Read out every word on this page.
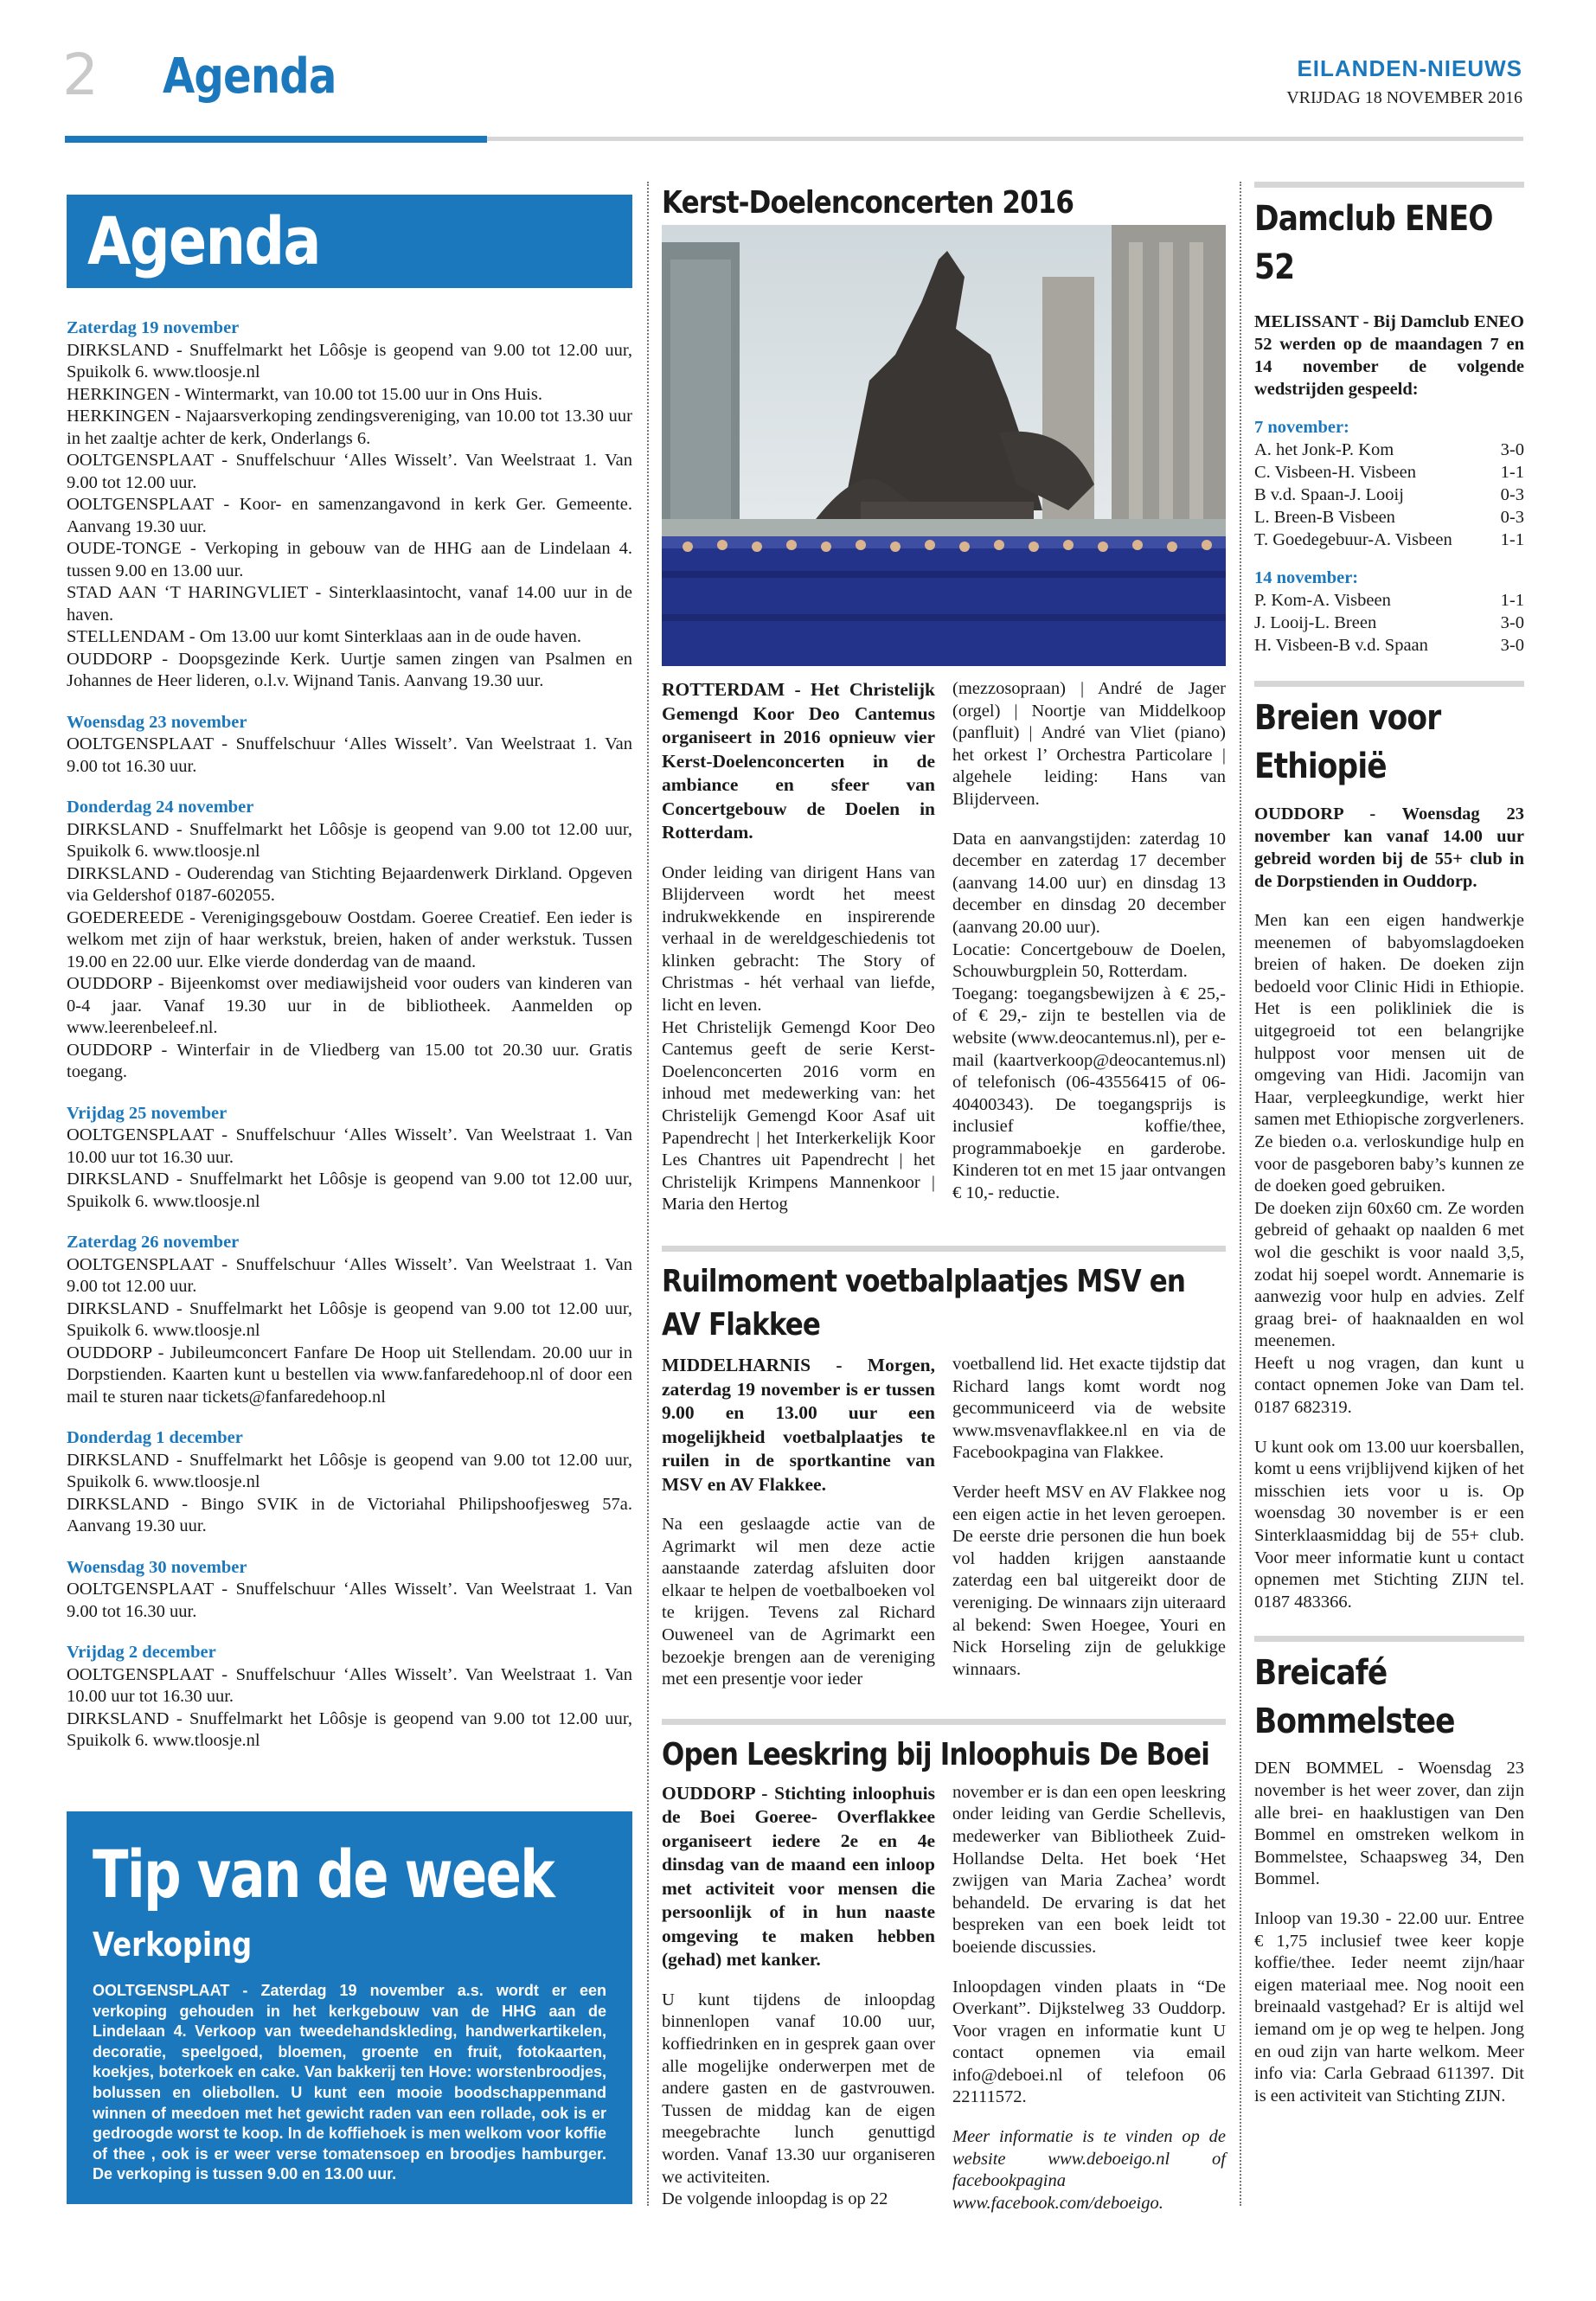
2 Agenda	EILANDEN-NIEUWS
VRIJDAG 18 NOVEMBER 2016
Agenda
Zaterdag 19 november
DIRKSLAND - Snuffelmarkt het Lôôsje is geopend van 9.00 tot 12.00 uur, Spuikolk 6. www.tloosje.nl
HERKINGEN - Wintermarkt, van 10.00 tot 15.00 uur in Ons Huis.
HERKINGEN - Najaarsverkoping zendingsvereniging, van 10.00 tot 13.30 uur in het zaaltje achter de kerk, Onderlangs 6.
OOLTGENSPLAAT - Snuffelschuur ‘Alles Wisselt’. Van Weelstraat 1. Van 9.00 tot 12.00 uur.
OOLTGENSPLAAT - Koor- en samenzangavond in kerk Ger. Gemeente. Aanvang 19.30 uur.
OUDE-TONGE - Verkoping in gebouw van de HHG aan de Lindelaan 4. tussen 9.00 en 13.00 uur.
STAD AAN ‘T HARINGVLIET - Sinterklaasintocht, vanaf 14.00 uur in de haven.
STELLENDAM - Om 13.00 uur komt Sinterklaas aan in de oude haven.
OUDDORP - Doopsgezinde Kerk. Uurtje samen zingen van Psalmen en Johannes de Heer lideren, o.l.v. Wijnand Tanis. Aanvang 19.30 uur.
Woensdag 23 november
OOLTGENSPLAAT - Snuffelschuur ‘Alles Wisselt’. Van Weelstraat 1. Van 9.00 tot 16.30 uur.
Donderdag 24 november
DIRKSLAND - Snuffelmarkt het Lôôsje is geopend van 9.00 tot 12.00 uur, Spuikolk 6. www.tloosje.nl
DIRKSLAND - Ouderendag van Stichting Bejaardenwerk Dirkland. Opgeven via Geldershof 0187-602055.
GOEDEREEDE - Verenigingsgebouw Oostdam. Goeree Creatief. Een ieder is welkom met zijn of haar werkstuk, breien, haken of ander werkstuk. Tussen 19.00 en 22.00 uur. Elke vierde donderdag van de maand.
OUDDORP - Bijeenkomst over mediawijsheid voor ouders van kinderen van 0-4 jaar. Vanaf 19.30 uur in de bibliotheek. Aanmelden op www.leerenbeleef.nl.
OUDDORP - Winterfair in de Vliedberg van 15.00 tot 20.30 uur. Gratis toegang.
Vrijdag 25 november
OOLTGENSPLAAT - Snuffelschuur ‘Alles Wisselt’. Van Weelstraat 1. Van 10.00 uur tot 16.30 uur.
DIRKSLAND - Snuffelmarkt het Lôôsje is geopend van 9.00 tot 12.00 uur, Spuikolk 6. www.tloosje.nl
Zaterdag 26 november
OOLTGENSPLAAT - Snuffelschuur ‘Alles Wisselt’. Van Weelstraat 1. Van 9.00 tot 12.00 uur.
DIRKSLAND - Snuffelmarkt het Lôôsje is geopend van 9.00 tot 12.00 uur, Spuikolk 6. www.tloosje.nl
OUDDORP - Jubileumconcert Fanfare De Hoop uit Stellendam. 20.00 uur in Dorpstienden. Kaarten kunt u bestellen via www.fanfaredehoop.nl of door een mail te sturen naar tickets@fanfaredehoop.nl
Donderdag 1 december
DIRKSLAND - Snuffelmarkt het Lôôsje is geopend van 9.00 tot 12.00 uur, Spuikolk 6. www.tloosje.nl
DIRKSLAND - Bingo SVIK in de Victoriahal Philipshoofjesweg 57a. Aanvang 19.30 uur.
Woensdag 30 november
OOLTGENSPLAAT - Snuffelschuur ‘Alles Wisselt’. Van Weelstraat 1. Van 9.00 tot 16.30 uur.
Vrijdag 2 december
OOLTGENSPLAAT - Snuffelschuur ‘Alles Wisselt’. Van Weelstraat 1. Van 10.00 uur tot 16.30 uur.
DIRKSLAND - Snuffelmarkt het Lôôsje is geopend van 9.00 tot 12.00 uur, Spuikolk 6. www.tloosje.nl
Tip van de week
Verkoping
OOLTGENSPLAAT - Zaterdag 19 november a.s. wordt er een verkoping gehouden in het kerkgebouw van de HHG aan de Lindelaan 4. Verkoop van tweedehandskleding, handwerkartikelen, decoratie, speelgoed, bloemen, groente en fruit, fotokaarten, koekjes, boterkoek en cake. Van bakkerij ten Hove: worstenbroodjes, bolussen en oliebollen. U kunt een mooie boodschappenmand winnen of meedoen met het gewicht raden van een rollade, ook is er gedroogde worst te koop. In de koffiehoek is men welkom voor koffie of thee , ook is er weer verse tomatensoep en broodjes hamburger. De verkoping is tussen 9.00 en 13.00 uur.
Kerst-Doelenconcerten 2016
ROTTERDAM - Het Christelijk Gemengd Koor Deo Cantemus organiseert in 2016 opnieuw vier Kerst-Doelenconcerten in de ambiance en sfeer van Concertgebouw de Doelen in Rotterdam.
Onder leiding van dirigent Hans van Blijderveen wordt het meest indrukwekkende en inspirerende verhaal in de wereldgeschiedenis tot klinken gebracht: The Story of Christmas - hét verhaal van liefde, licht en leven.
Het Christelijk Gemengd Koor Deo Cantemus geeft de serie Kerst-Doelenconcerten 2016 vorm en inhoud met medewerking van: het Christelijk Gemengd Koor Asaf uit Papendrecht | het Interkerkelijk Koor Les Chantres uit Papendrecht | het Christelijk Krimpens Mannenkoor | Maria den Hertog
(mezzosopraan) | André de Jager (orgel) | Noortje van Middelkoop (panfluit) | André van Vliet (piano) het orkest l’ Orchestra Particolare | algehele leiding: Hans van Blijderveen.
Data en aanvangstijden: zaterdag 10 december en zaterdag 17 december (aanvang 14.00 uur) en dinsdag 13 december en dinsdag 20 december (aanvang 20.00 uur).
Locatie: Concertgebouw de Doelen, Schouwburgplein 50, Rotterdam.
Toegang: toegangsbewijzen à € 25,- of € 29,- zijn te bestellen via de website (www.deocantemus.nl), per e-mail (kaartverkoop@deocantemus.nl) of telefonisch (06-43556415 of 06-40400343). De toegangsprijs is inclusief koffie/thee, programmaboekje en garderobe. Kinderen tot en met 15 jaar ontvangen € 10,- reductie.
Ruilmoment voetbalplaatjes MSV en AV Flakkee
MIDDELHARNIS - Morgen, zaterdag 19 november is er tussen 9.00 en 13.00 uur een mogelijkheid voetbalplaatjes te ruilen in de sportkantine van MSV en AV Flakkee.
Na een geslaagde actie van de Agrimarkt wil men deze actie aanstaande zaterdag afsluiten door elkaar te helpen de voetbalboeken vol te krijgen. Tevens zal Richard Ouweneel van de Agrimarkt een bezoekje brengen aan de vereniging met een presentje voor ieder
voetballend lid. Het exacte tijdstip dat Richard langs komt wordt nog gecommuniceerd via de website www.msvenavflakkee.nl en via de Facebookpagina van Flakkee.
Verder heeft MSV en AV Flakkee nog een eigen actie in het leven geroepen. De eerste drie personen die hun boek vol hadden krijgen aanstaande zaterdag een bal uitgereikt door de vereniging. De winnaars zijn uiteraard al bekend: Swen Hoegee, Youri en Nick Horseling zijn de gelukkige winnaars.
Open Leeskring bij Inloophuis De Boei
OUDDORP - Stichting inloophuis de Boei Goeree- Overflakkee organiseert iedere 2e en 4e dinsdag van de maand een inloop met activiteit voor mensen die persoonlijk of in hun naaste omgeving te maken hebben (gehad) met kanker.
U kunt tijdens de inloopdag binnenlopen vanaf 10.00 uur, koffiedrinken en in gesprek gaan over alle mogelijke onderwerpen met de andere gasten en de gastvrouwen. Tussen de middag kan de eigen meegebrachte lunch genuttigd worden. Vanaf 13.30 uur organiseren we activiteiten.
De volgende inloopdag is op 22
november er is dan een open leeskring onder leiding van Gerdie Schellevis, medewerker van Bibliotheek Zuid-Hollandse Delta. Het boek ‘Het zwijgen van Maria Zachea’ wordt behandeld. De ervaring is dat het bespreken van een boek leidt tot boeiende discussies.
Inloopdagen vinden plaats in “De Overkant”. Dijkstelweg 33 Ouddorp. Voor vragen en informatie kunt U contact opnemen via email info@deboei.nl of telefoon 06 22111572.
Meer informatie is te vinden op de website www.deboeigo.nl of facebookpagina www.facebook.com/deboeigo.
Damclub ENEO 52
MELISSANT - Bij Damclub ENEO 52 werden op de maandagen 7 en 14 november de volgende wedstrijden gespeeld:
7 november:
A. het Jonk-P. Kom	3-0
C. Visbeen-H. Visbeen	1-1
B v.d. Spaan-J. Looij	0-3
L. Breen-B Visbeen	0-3
T. Goedegebuur-A. Visbeen	1-1
14 november:
P. Kom-A. Visbeen	1-1
J. Looij-L. Breen	3-0
H. Visbeen-B v.d. Spaan	3-0
Breien voor Ethiopië
OUDDORP - Woensdag 23 november kan vanaf 14.00 uur gebreid worden bij de 55+ club in de Dorpstienden in Ouddorp.
Men kan een eigen handwerkje meenemen of babyomslagdoeken breien of haken. De doeken zijn bedoeld voor Clinic Hidi in Ethiopie. Het is een polikliniek die is uitgegroeid tot een belangrijke hulppost voor mensen uit de omgeving van Hidi. Jacomijn van Haar, verpleegkundige, werkt hier samen met Ethiopische zorgverleners. Ze bieden o.a. verloskundige hulp en voor de pasgeboren baby’s kunnen ze de doeken goed gebruiken.
De doeken zijn 60x60 cm. Ze worden gebreid of gehaakt op naalden 6 met wol die geschikt is voor naald 3,5, zodat hij soepel wordt. Annemarie is aanwezig voor hulp en advies. Zelf graag brei- of haaknaalden en wol meenemen.
Heeft u nog vragen, dan kunt u contact opnemen Joke van Dam tel. 0187 682319.
U kunt ook om 13.00 uur koersballen, komt u eens vrijblijvend kijken of het misschien iets voor u is. Op woensdag 30 november is er een Sinterklaasmiddag bij de 55+ club. Voor meer informatie kunt u contact opnemen met Stichting ZIJN tel. 0187 483366.
Breicafé Bommelstee
DEN BOMMEL - Woensdag 23 november is het weer zover, dan zijn alle brei- en haaklustigen van Den Bommel en omstreken welkom in Bommelstee, Schaapsweg 34, Den Bommel.
Inloop van 19.30 - 22.00 uur. Entree € 1,75 inclusief twee keer kopje koffie/thee. Ieder neemt zijn/haar eigen materiaal mee. Nog nooit een breinaald vastgehad? Er is altijd wel iemand om je op weg te helpen. Jong en oud zijn van harte welkom. Meer info via: Carla Gebraad 611397. Dit is een activiteit van Stichting ZIJN.
